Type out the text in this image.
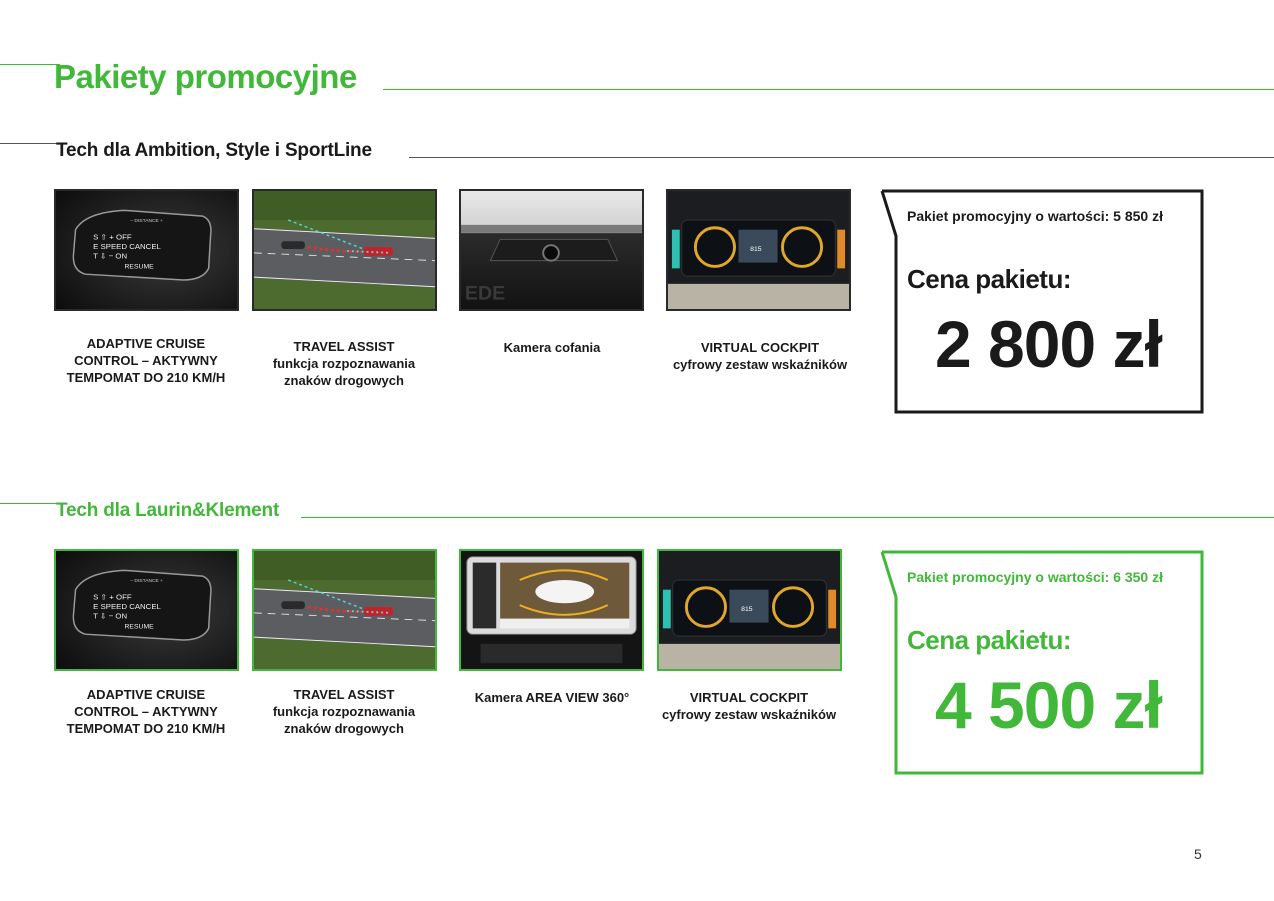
Pakiety promocyjne
Tech dla Ambition, Style i SportLine
S ⇧ + OFF
E SPEED CANCEL
T ⇩ − ON
RESUME
– DISTANCE +
EDE
815
ADAPTIVE CRUISE
CONTROL – AKTYWNY
TEMPOMAT DO 210 KM/H
TRAVEL ASSIST
funkcja rozpoznawania
znaków drogowych
Kamera cofania	VIRTUAL COCKPIT
cyfrowy zestaw wskaźników
Pakiet promocyjny o wartości: 5 850 zł
Cena pakietu:
2 800 zł
Tech dla Laurin&Klement
S ⇧ + OFF
E SPEED CANCEL
T ⇩ − ON
RESUME
– DISTANCE +
815
ADAPTIVE CRUISE
CONTROL – AKTYWNY
TEMPOMAT DO 210 KM/H
TRAVEL ASSIST
funkcja rozpoznawania
znaków drogowych
Kamera AREA VIEW 360°	VIRTUAL COCKPIT
cyfrowy zestaw wskaźników
Pakiet promocyjny o wartości: 6 350 zł
Cena pakietu:
4 500 zł
5
